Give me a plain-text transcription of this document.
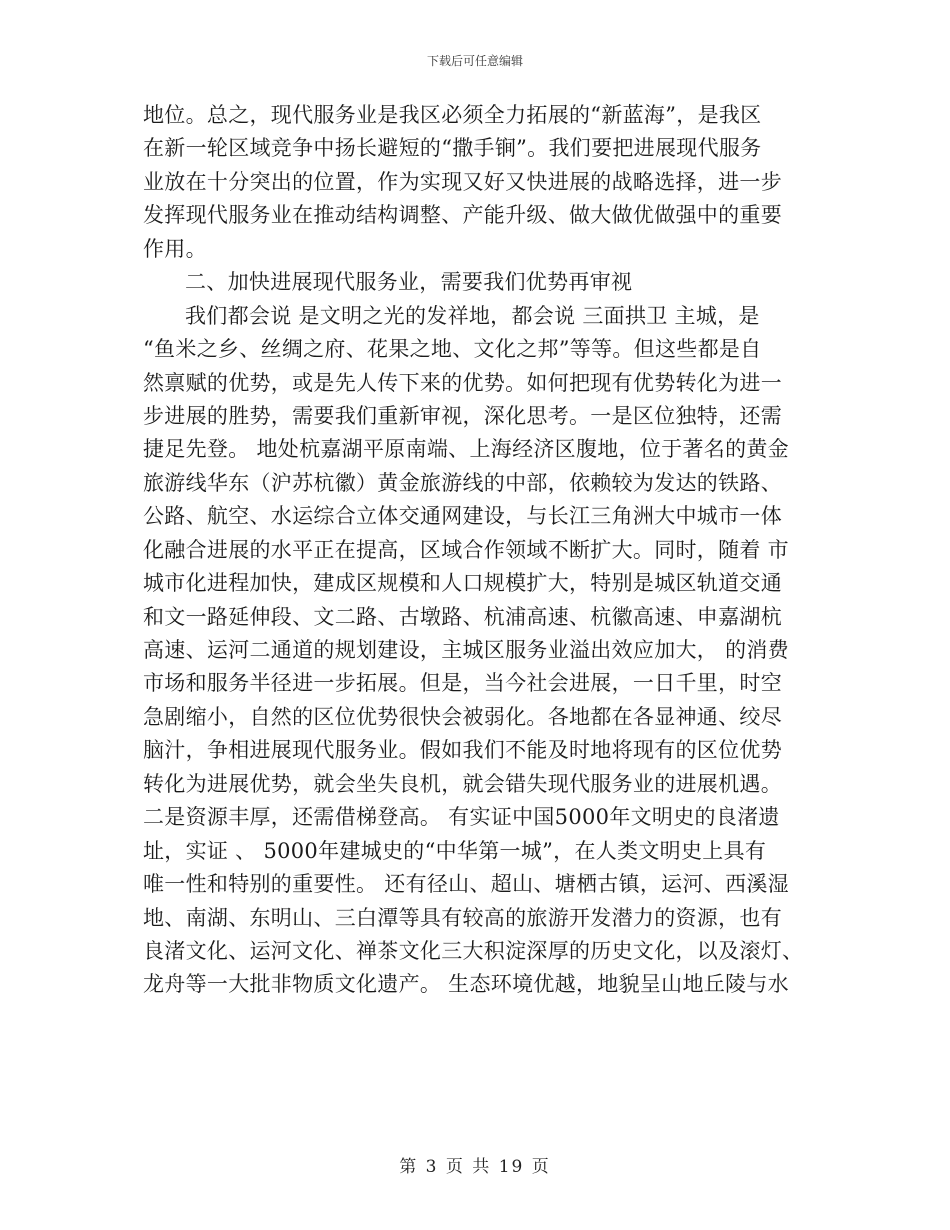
下载后可任意编辑
地位。总之，现代服务业是我区必须全力拓展的“新蓝海”，是我区
在新一轮区域竞争中扬长避短的“撒手锏”。我们要把进展现代服务
业放在十分突出的位置，作为实现又好又快进展的战略选择，进一步
发挥现代服务业在推动结构调整、产能升级、做大做优做强中的重要
作用。
二、加快进展现代服务业，需要我们优势再审视
我们都会说 是文明之光的发祥地，都会说 三面拱卫 主城，是
“鱼米之乡、丝绸之府、花果之地、文化之邦”等等。但这些都是自
然禀赋的优势，或是先人传下来的优势。如何把现有优势转化为进一
步进展的胜势，需要我们重新审视，深化思考。一是区位独特，还需
捷足先登。 地处杭嘉湖平原南端、上海经济区腹地，位于著名的黄金
旅游线华东（沪苏杭徽）黄金旅游线的中部，依赖较为发达的铁路、
公路、航空、水运综合立体交通网建设，与长江三角洲大中城市一体
化融合进展的水平正在提高，区域合作领域不断扩大。同时，随着 市
城市化进程加快，建成区规模和人口规模扩大，特别是城区轨道交通
和文一路延伸段、文二路、古墩路、杭浦高速、杭徽高速、申嘉湖杭
高速、运河二通道的规划建设，主城区服务业溢出效应加大， 的消费
市场和服务半径进一步拓展。但是，当今社会进展，一日千里，时空
急剧缩小，自然的区位优势很快会被弱化。各地都在各显神通、绞尽
脑汁，争相进展现代服务业。假如我们不能及时地将现有的区位优势
转化为进展优势，就会坐失良机，就会错失现代服务业的进展机遇。
二是资源丰厚，还需借梯登高。 有实证中国5000年文明史的良渚遗
址，实证 、 5000年建城史的“中华第一城”，在人类文明史上具有
唯一性和特别的重要性。 还有径山、超山、塘栖古镇，运河、西溪湿
地、南湖、东明山、三白潭等具有较高的旅游开发潜力的资源，也有
良渚文化、运河文化、禅茶文化三大积淀深厚的历史文化，以及滚灯、
龙舟等一大批非物质文化遗产。 生态环境优越，地貌呈山地丘陵与水
第 3 页 共 19 页
